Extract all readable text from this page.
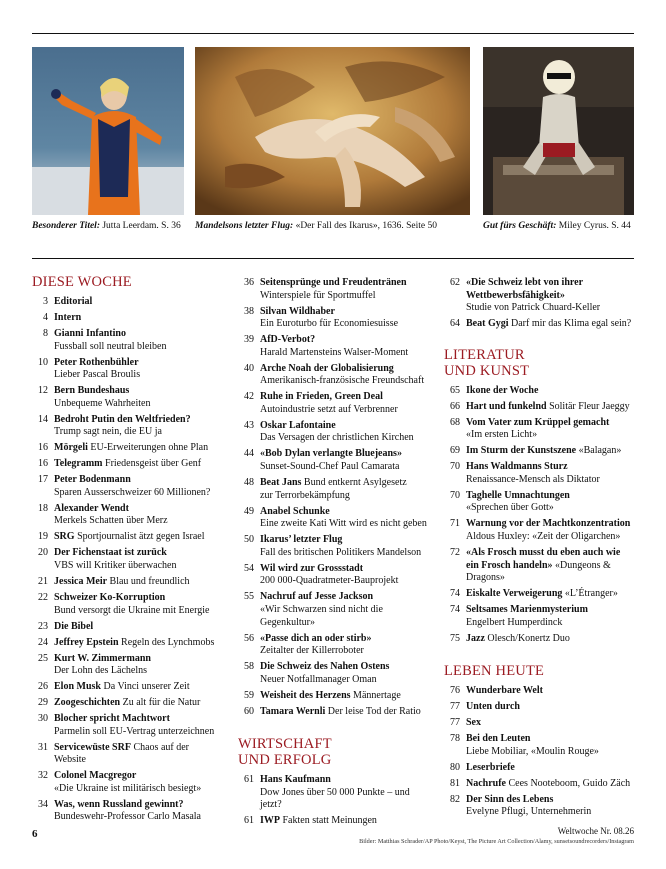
Besonderer Titel: Jutta Leerdam. S. 36 Mandelsons letzter Flug: «Der Fall des Ikarus», 1636. Seite 50	Gut fürs Geschäft: Miley Cyrus. S. 44
DIESE WOCHE
3 Editorial
4 Intern
8 Gianni Infantino
Fussball soll neutral bleiben
10 Peter Rothenbühler
Lieber Pascal Broulis
12 Bern Bundeshaus
Unbequeme Wahrheiten
14 Bedroht Putin den Weltfrieden?
Trump sagt nein, die EU ja
16 Mörgeli EU-Erweiterungen ohne Plan
16 Telegramm Friedensgeist über Genf
17 Peter Bodenmann
Sparen Ausserschweizer 60 Millionen?
18 Alexander Wendt
Merkels Schatten über Merz
19 SRG Sportjournalist ätzt gegen Israel
20 Der Fichenstaat ist zurück
VBS will Kritiker überwachen
21 Jessica Meir Blau und freundlich
22 Schweizer Ko-Korruption
Bund versorgt die Ukraine mit Energie
23 Die Bibel
24 Jeffrey Epstein Regeln des Lynchmobs
25 Kurt W. Zimmermann
Der Lohn des Lächelns
26 Elon Musk Da Vinci unserer Zeit
29 Zoogeschichten Zu alt für die Natur
30 Blocher spricht Machtwort
Parmelin soll EU-Vertrag unterzeichnen
31 Servicewüste SRF Chaos auf der Website
32 Colonel Macgregor
«Die Ukraine ist militärisch besiegt»
34 Was, wenn Russland gewinnt?
Bundeswehr-Professor Carlo Masala
36 Seitensprünge und Freudentränen
Winterspiele für Sportmuffel
38 Silvan Wildhaber
Ein Euroturbo für Economiesuisse
39 AfD-Verbot?
Harald Martensteins Walser-Moment
40 Arche Noah der Globalisierung
Amerikanisch-französische Freundschaft
42 Ruhe in Frieden, Green Deal
Autoindustrie setzt auf Verbrenner
43 Oskar Lafontaine
Das Versagen der christlichen Kirchen
44 «Bob Dylan verlangte Bluejeans»
Sunset-Sound-Chef Paul Camarata
48 Beat Jans Bund entkernt Asylgesetz
zur Terrorbekämpfung
49 Anabel Schunke
Eine zweite Kati Witt wird es nicht geben
50 Ikarus’ letzter Flug
Fall des britischen Politikers Mandelson
54 Wil wird zur Grossstadt
200 000-Quadratmeter-Bauprojekt
55 Nachruf auf Jesse Jackson
«Wir Schwarzen sind nicht die Gegenkultur»
56 «Passe dich an oder stirb»
Zeitalter der Killerroboter
58 Die Schweiz des Nahen Ostens
Neuer Notfallmanager Oman
59 Weisheit des Herzens Männertage
60 Tamara Wernli Der leise Tod der Ratio
WIRTSCHAFT UND ERFOLG
61 Hans Kaufmann
Dow Jones über 50 000 Punkte – und jetzt?
61 IWP Fakten statt Meinungen
62 «Die Schweiz lebt von ihrer Wettbewerbsfähigkeit»
Studie von Patrick Chuard-Keller
64 Beat Gygi Darf mir das Klima egal sein?
LITERATUR UND KUNST
65 Ikone der Woche
66 Hart und funkelnd Solitär Fleur Jaeggy
68 Vom Vater zum Krüppel gemacht
«Im ersten Licht»
69 Im Sturm der Kunstszene «Balagan»
70 Hans Waldmanns Sturz
Renaissance-Mensch als Diktator
70 Taghelle Umnachtungen
«Sprechen über Gott»
71 Warnung vor der Machtkonzentration
Aldous Huxley: «Zeit der Oligarchen»
72 «Als Frosch musst du eben auch wie ein Frosch handeln» «Dungeons & Dragons»
74 Eiskalte Verweigerung «L’Étranger»
74 Seltsames Marienmysterium
Engelbert Humperdinck
75 Jazz Olesch/Konertz Duo
LEBEN HEUTE
76 Wunderbare Welt
77 Unten durch
77 Sex
78 Bei den Leuten
Liebe Mobiliar, «Moulin Rouge»
80 Leserbriefe
81 Nachrufe Cees Nooteboom, Guido Zäch
82 Der Sinn des Lebens
Evelyne Pflugi, Unternehmerin
6	Weltwoche Nr. 08.26
Bilder: Matthias Schrader/AP Photo/Keyst, The Picture Art Collection/Alamy, sunsetsoundrecorders/Instagram
